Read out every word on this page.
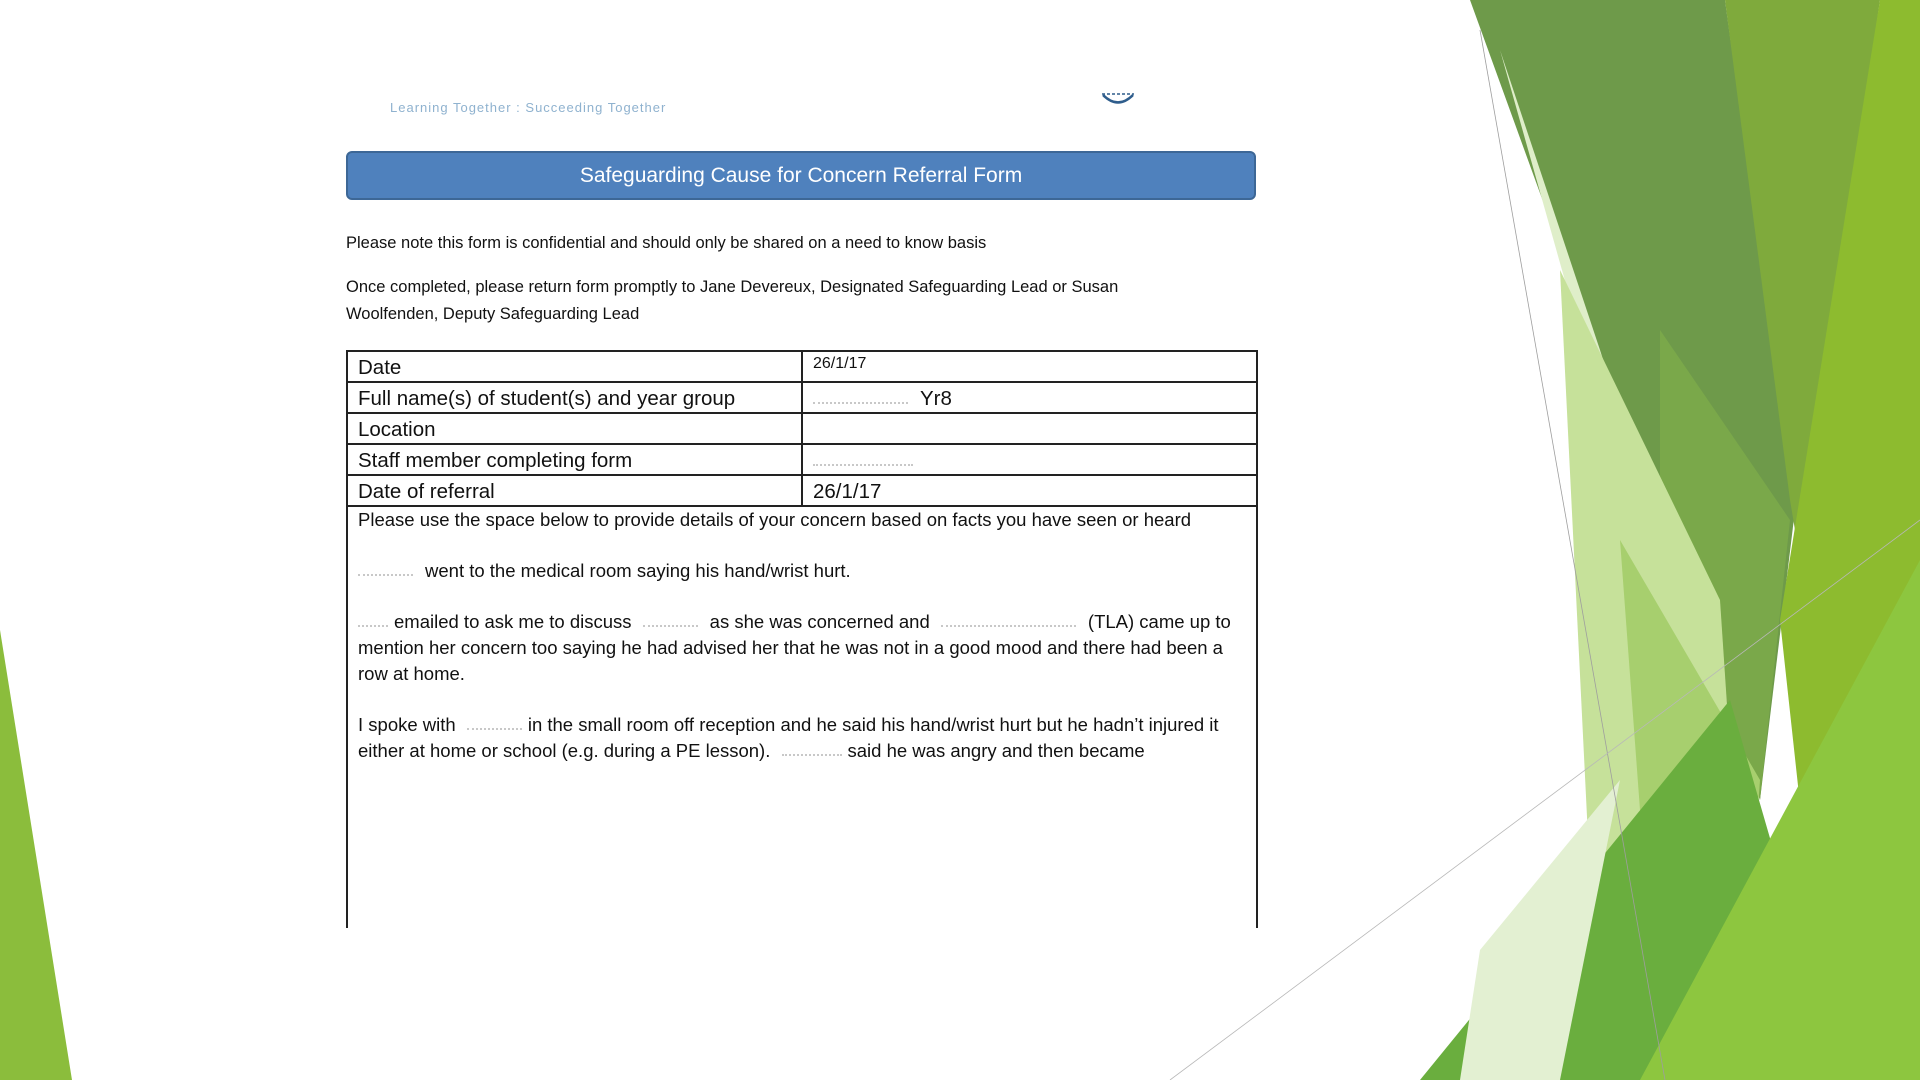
Learning Together : Succeeding Together
Safeguarding Cause for Concern Referral Form
Please note this form is confidential and should only be shared on a need to know basis
Once completed, please return form promptly to Jane Devereux, Designated Safeguarding Lead or Susan Woolfenden, Deputy Safeguarding Lead
Date	26/1/17
Full name(s) of student(s) and year group	Yr8
Location
Staff member completing form
Date of referral	26/1/17

Please use the space below to provide details of your concern based on facts you have seen or heard

went to the medical room saying his hand/wrist hurt.

emailed to ask me to discuss	as she was concerned and	(TLA) came up to mention her concern too saying he had advised her that he was not in a good mood and there had been a row at home.

I spoke with	in the small room off reception and he said his hand/wrist hurt but he hadn’t injured it either at home or school (e.g. during a PE lesson).	said he was angry and then became
